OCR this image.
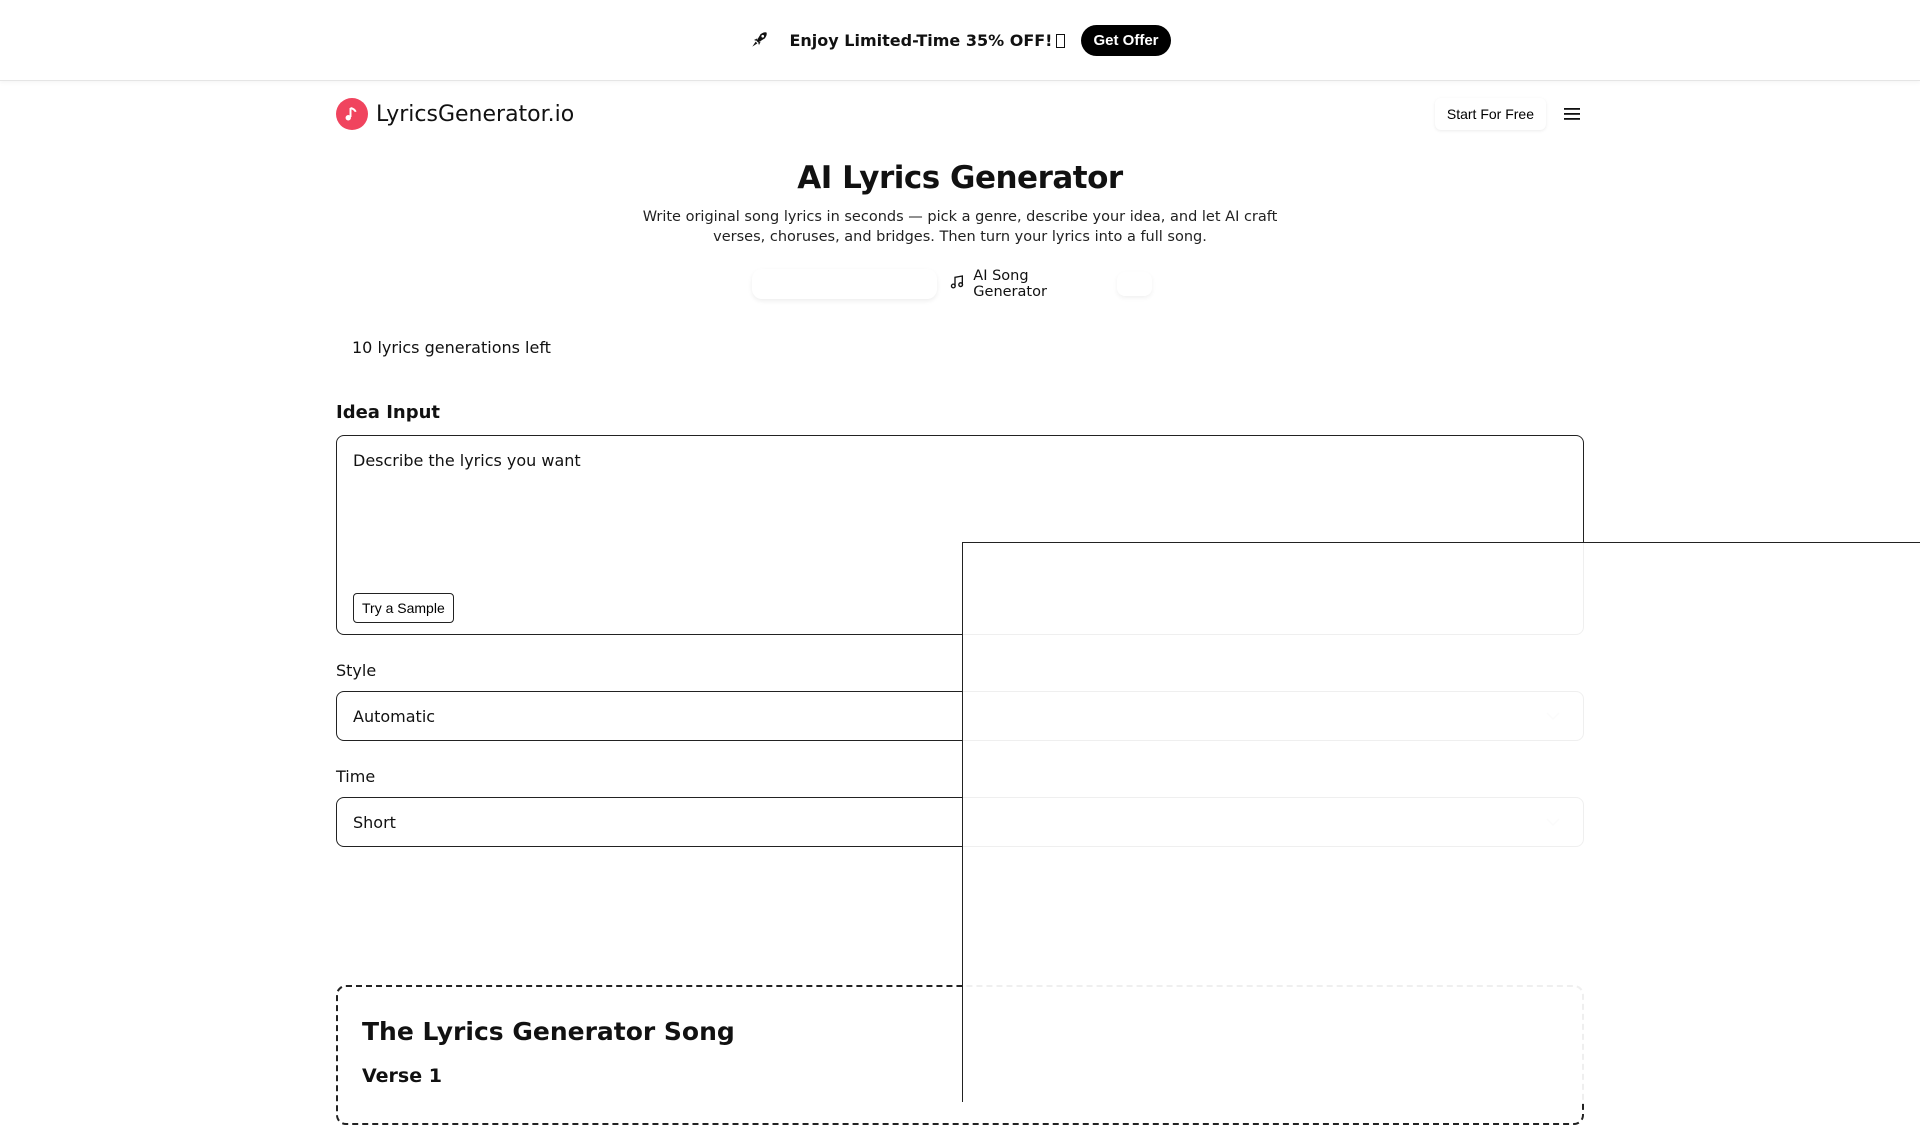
Enjoy Limited-Time 35% OFF!	Get Offer
LyricsGenerator.io	Start For Free
AI Lyrics Generator

Write original song lyrics in seconds — pick a genre, describe your idea, and let AI craft verses, choruses, and bridges. Then turn your lyrics into a full song.

AI Song Generator
10 lyrics generations left
Idea Input
Describe the lyrics you want
Try a Sample
Style
Automatic
Time
Short
The Lyrics Generator Song
Verse 1
